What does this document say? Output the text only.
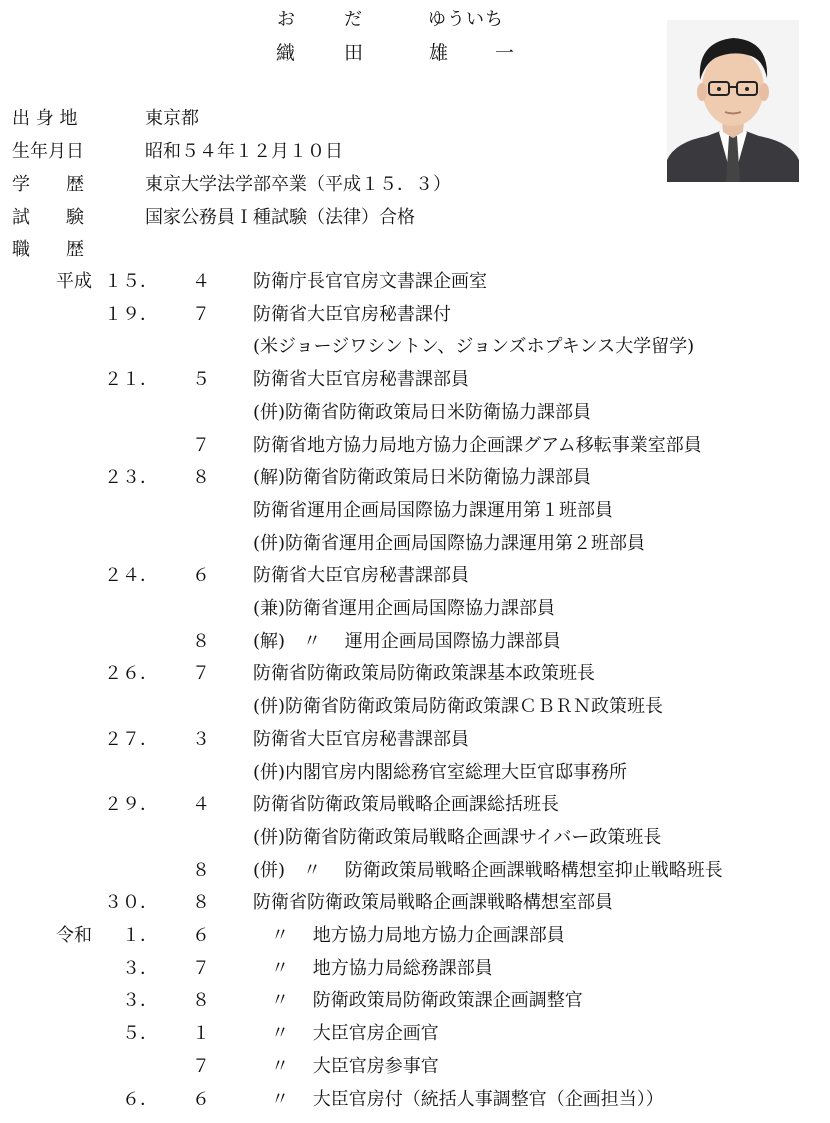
お	だ	ゆういち
織	田	雄 一
出 身 地	東京都
生年月日	昭和５４年１２月１０日
学　　歴	東京大学法学部卒業（平成１５．３）
試　　験	国家公務員Ｉ種試験（法律）合格
職　　歴
平成 １５． ４ 防衛庁長官官房文書課企画室
１９． ７ 防衛省大臣官房秘書課付
(米ジョージワシントン、ジョンズホプキンス大学留学)
２１． ５ 防衛省大臣官房秘書課部員
(併)防衛省防衛政策局日米防衛協力課部員
７ 防衛省地方協力局地方協力企画課グアム移転事業室部員
２３． ８ (解)防衛省防衛政策局日米防衛協力課部員
防衛省運用企画局国際協力課運用第１班部員
(併)防衛省運用企画局国際協力課運用第２班部員
２４． ６ 防衛省大臣官房秘書課部員
(兼)防衛省運用企画局国際協力課部員
８ (解)　〃　 運用企画局国際協力課部員
２６． ７ 防衛省防衛政策局防衛政策課基本政策班長
(併)防衛省防衛政策局防衛政策課ＣＢＲＮ政策班長
２７． ３ 防衛省大臣官房秘書課部員
(併)内閣官房内閣総務官室総理大臣官邸事務所
２９． ４ 防衛省防衛政策局戦略企画課総括班長
(併)防衛省防衛政策局戦略企画課サイバー政策班長
８ (併)　〃　 防衛政策局戦略企画課戦略構想室抑止戦略班長
３０． ８ 防衛省防衛政策局戦略企画課戦略構想室部員
令和 　１． ６ 　〃　 地方協力局地方協力企画課部員
　３． ７ 　〃　 地方協力局総務課部員
　３． ８ 　〃　 防衛政策局防衛政策課企画調整官
　５． １ 　〃　 大臣官房企画官
７ 　〃　 大臣官房参事官
　６． ６ 　〃　 大臣官房付（統括人事調整官（企画担当））
